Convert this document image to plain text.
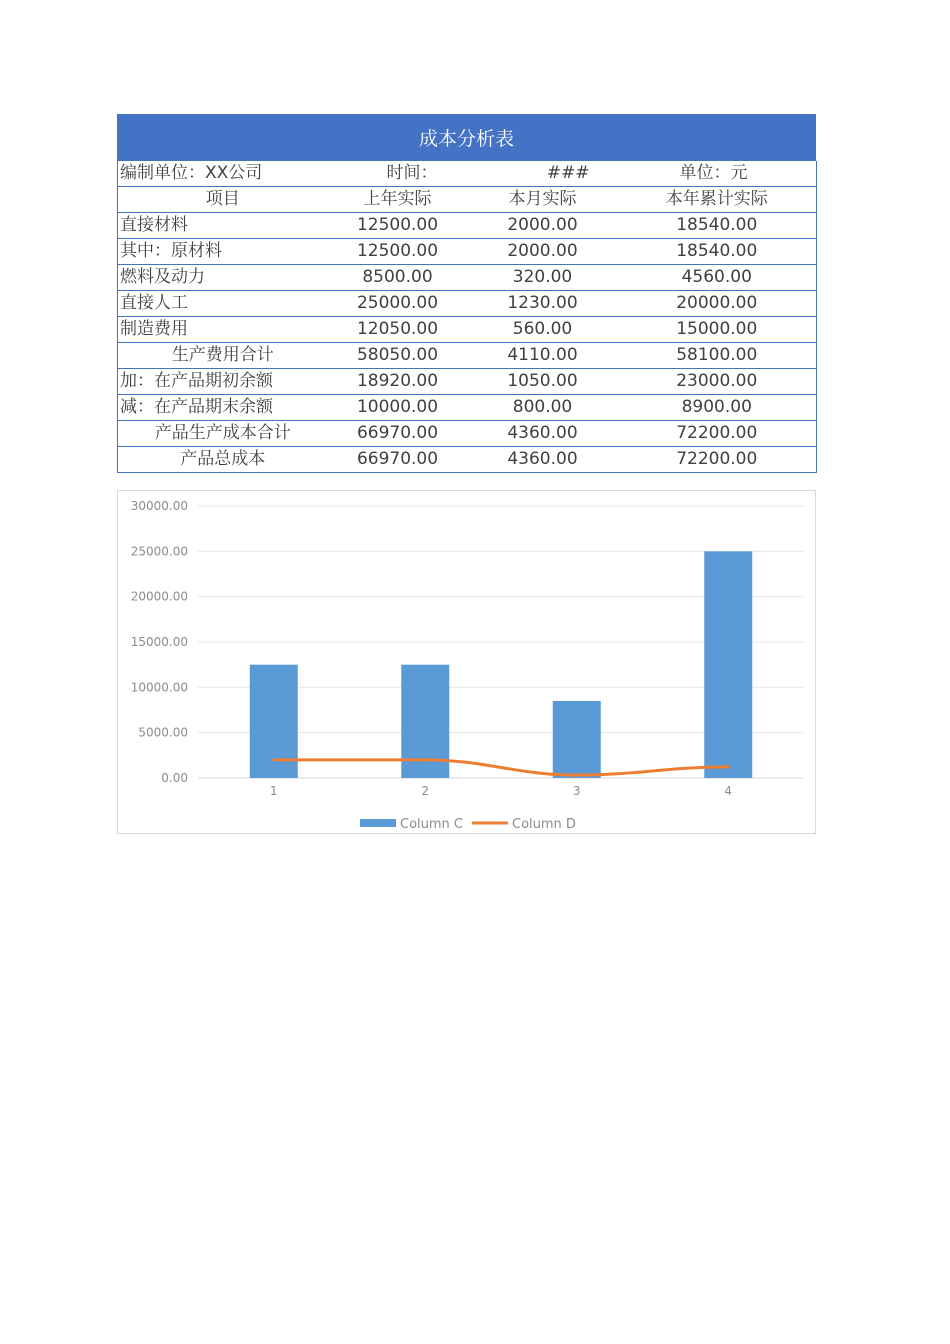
成本分析表
编制单位：XX公司	时间：	###	单位：元
项目	上年实际	本月实际	本年累计实际
直接材料	12500.00	2000.00	18540.00
其中：原材料	12500.00	2000.00	18540.00
燃料及动力	8500.00	320.00	4560.00
直接人工	25000.00	1230.00	20000.00
制造费用	12050.00	560.00	15000.00
生产费用合计	58050.00	4110.00	58100.00
加：在产品期初余额	18920.00	1050.00	23000.00
减：在产品期末余额	10000.00	800.00	8900.00
产品生产成本合计	66970.00	4360.00	72200.00
产品总成本	66970.00	4360.00	72200.00
0.00
5000.00
10000.00
15000.00
20000.00
25000.00
30000.00
1	2	3	4
Column C	Column D
